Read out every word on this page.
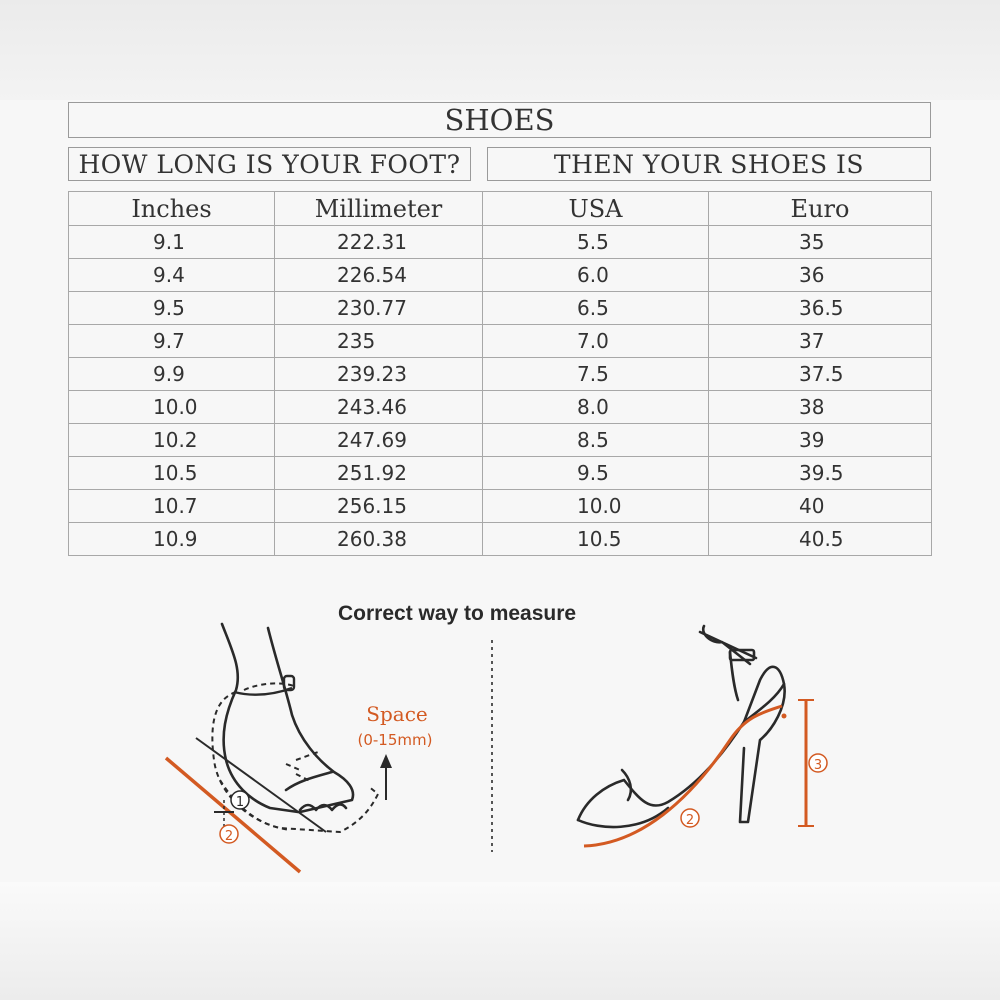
SHOES
HOW LONG IS YOUR FOOT?	THEN YOUR SHOES IS
Inches	Millimeter	USA	Euro
9.1	222.31	5.5	35
9.4	226.54	6.0	36
9.5	230.77	6.5	36.5
9.7	235	7.0	37
9.9	239.23	7.5	37.5
10.0	243.46	8.0	38
10.2	247.69	8.5	39
10.5	251.92	9.5	39.5
10.7	256.15	10.0	40
10.9	260.38	10.5	40.5
Correct way to measure
1
2
Space
(0-15mm)
2
3
